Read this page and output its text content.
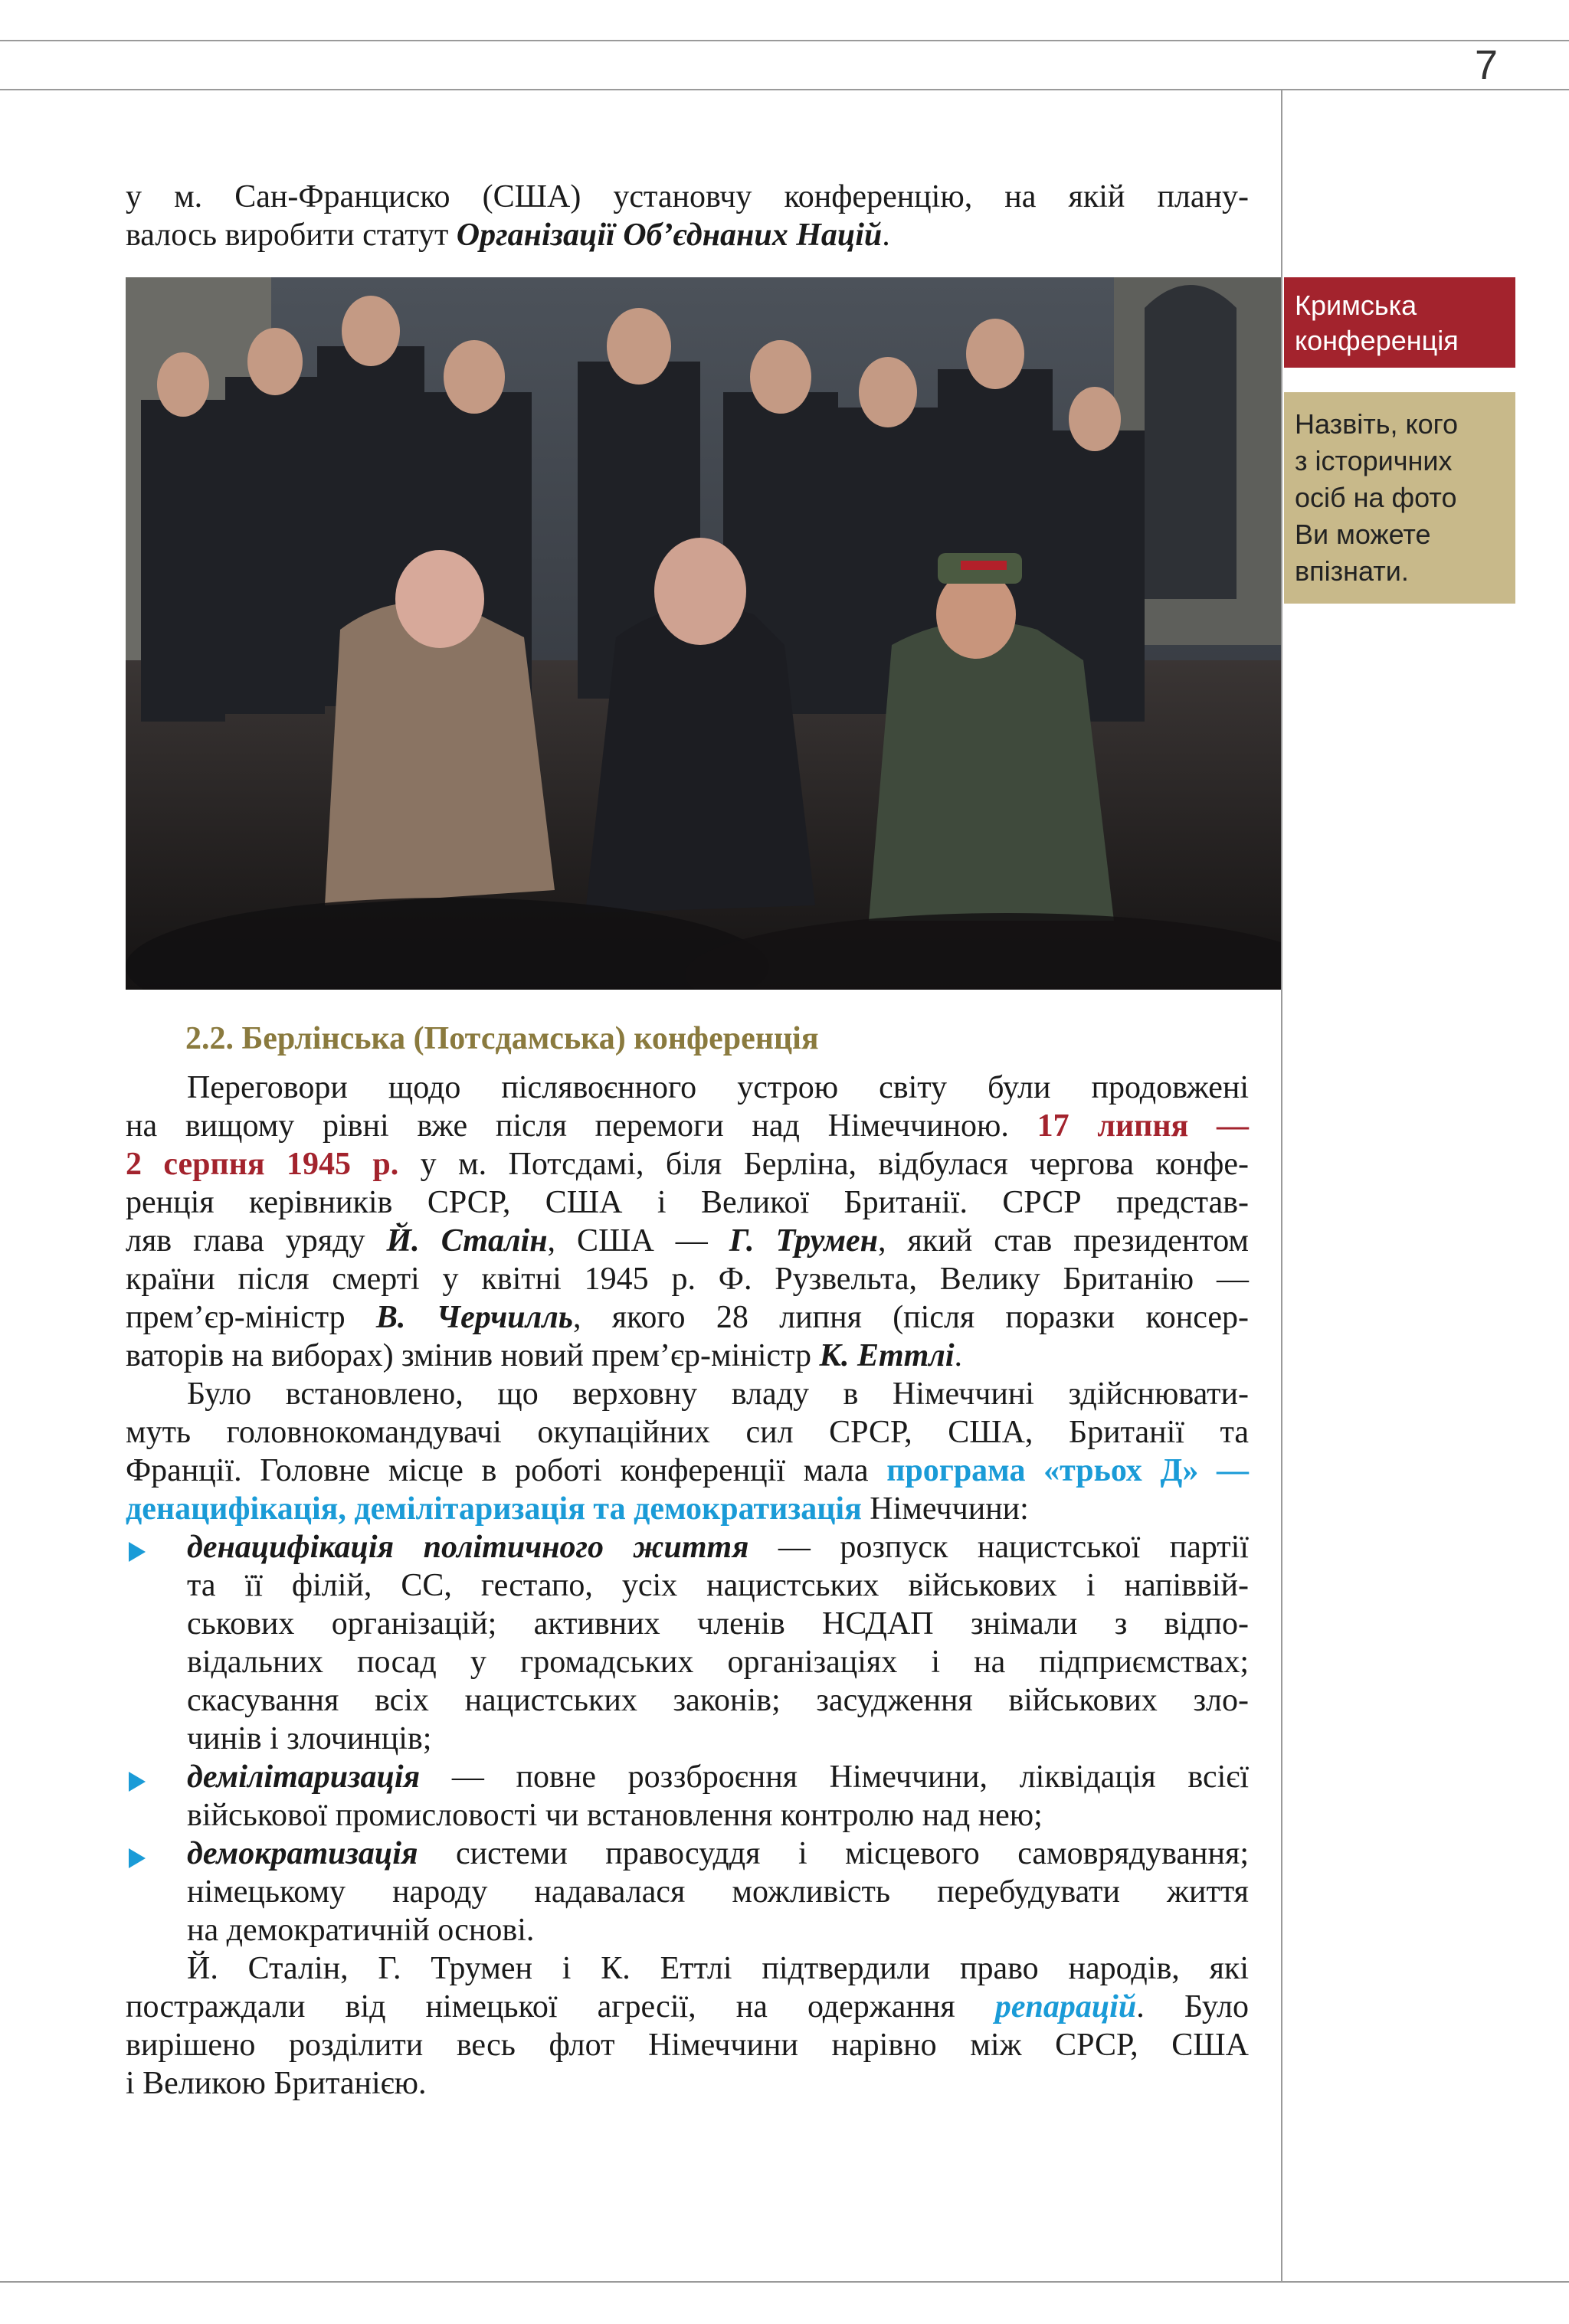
7

у м. Сан-Франциско (США) установчу конференцію, на якій плану-
валось виробити статут Організації Об’єднаних Націй.

Кримська
конференція
Назвіть, кого
з історичних
осіб на фото
Ви можете
впізнати.
2.2. Берлінська (Потсдамська) конференція

Переговори щодо післявоєнного устрою світу були продовжені
на вищому рівні вже після перемоги над Німеччиною. 17 липня —
2 серпня 1945 р. у м. Потсдамі, біля Берліна, відбулася чергова конфе-
ренція керівників СРСР, США і Великої Британії. СРСР представ-
ляв глава уряду Й. Сталін, США — Г. Трумен, який став президентом
країни після смерті у квітні 1945 р. Ф. Рузвельта, Велику Британію —
прем’єр-міністр В. Черчилль, якого 28 липня (після поразки консер-
ваторів на виборах) змінив новий прем’єр-міністр К. Еттлі.

Було встановлено, що верховну владу в Німеччині здійснювати-
муть головнокомандувачі окупаційних сил СРСР, США, Британії та
Франції. Головне місце в роботі конференції мала програма «трьох Д» —
денацифікація, демілітаризація та демократизація Німеччини:

денацифікація політичного життя — розпуск нацистської партії
та її філій, СС, гестапо, усіх нацистських військових і напіввій-
ськових організацій; активних членів НСДАП знімали з відпо-
відальних посад у громадських організаціях і на підприємствах;
скасування всіх нацистських законів; засудження військових зло-
чинів і злочинців;
демілітаризація — повне роззброєння Німеччини, ліквідація всієї
військової промисловості чи встановлення контролю над нею;
демократизація системи правосуддя і місцевого самоврядування;
німецькому народу надавалася можливість перебудувати життя
на демократичній основі.

Й. Сталін, Г. Трумен і К. Еттлі підтвердили право народів, які
постраждали від німецької агресії, на одержання репарацій. Було
вирішено розділити весь флот Німеччини нарівно між СРСР, США
і Великою Британією.
